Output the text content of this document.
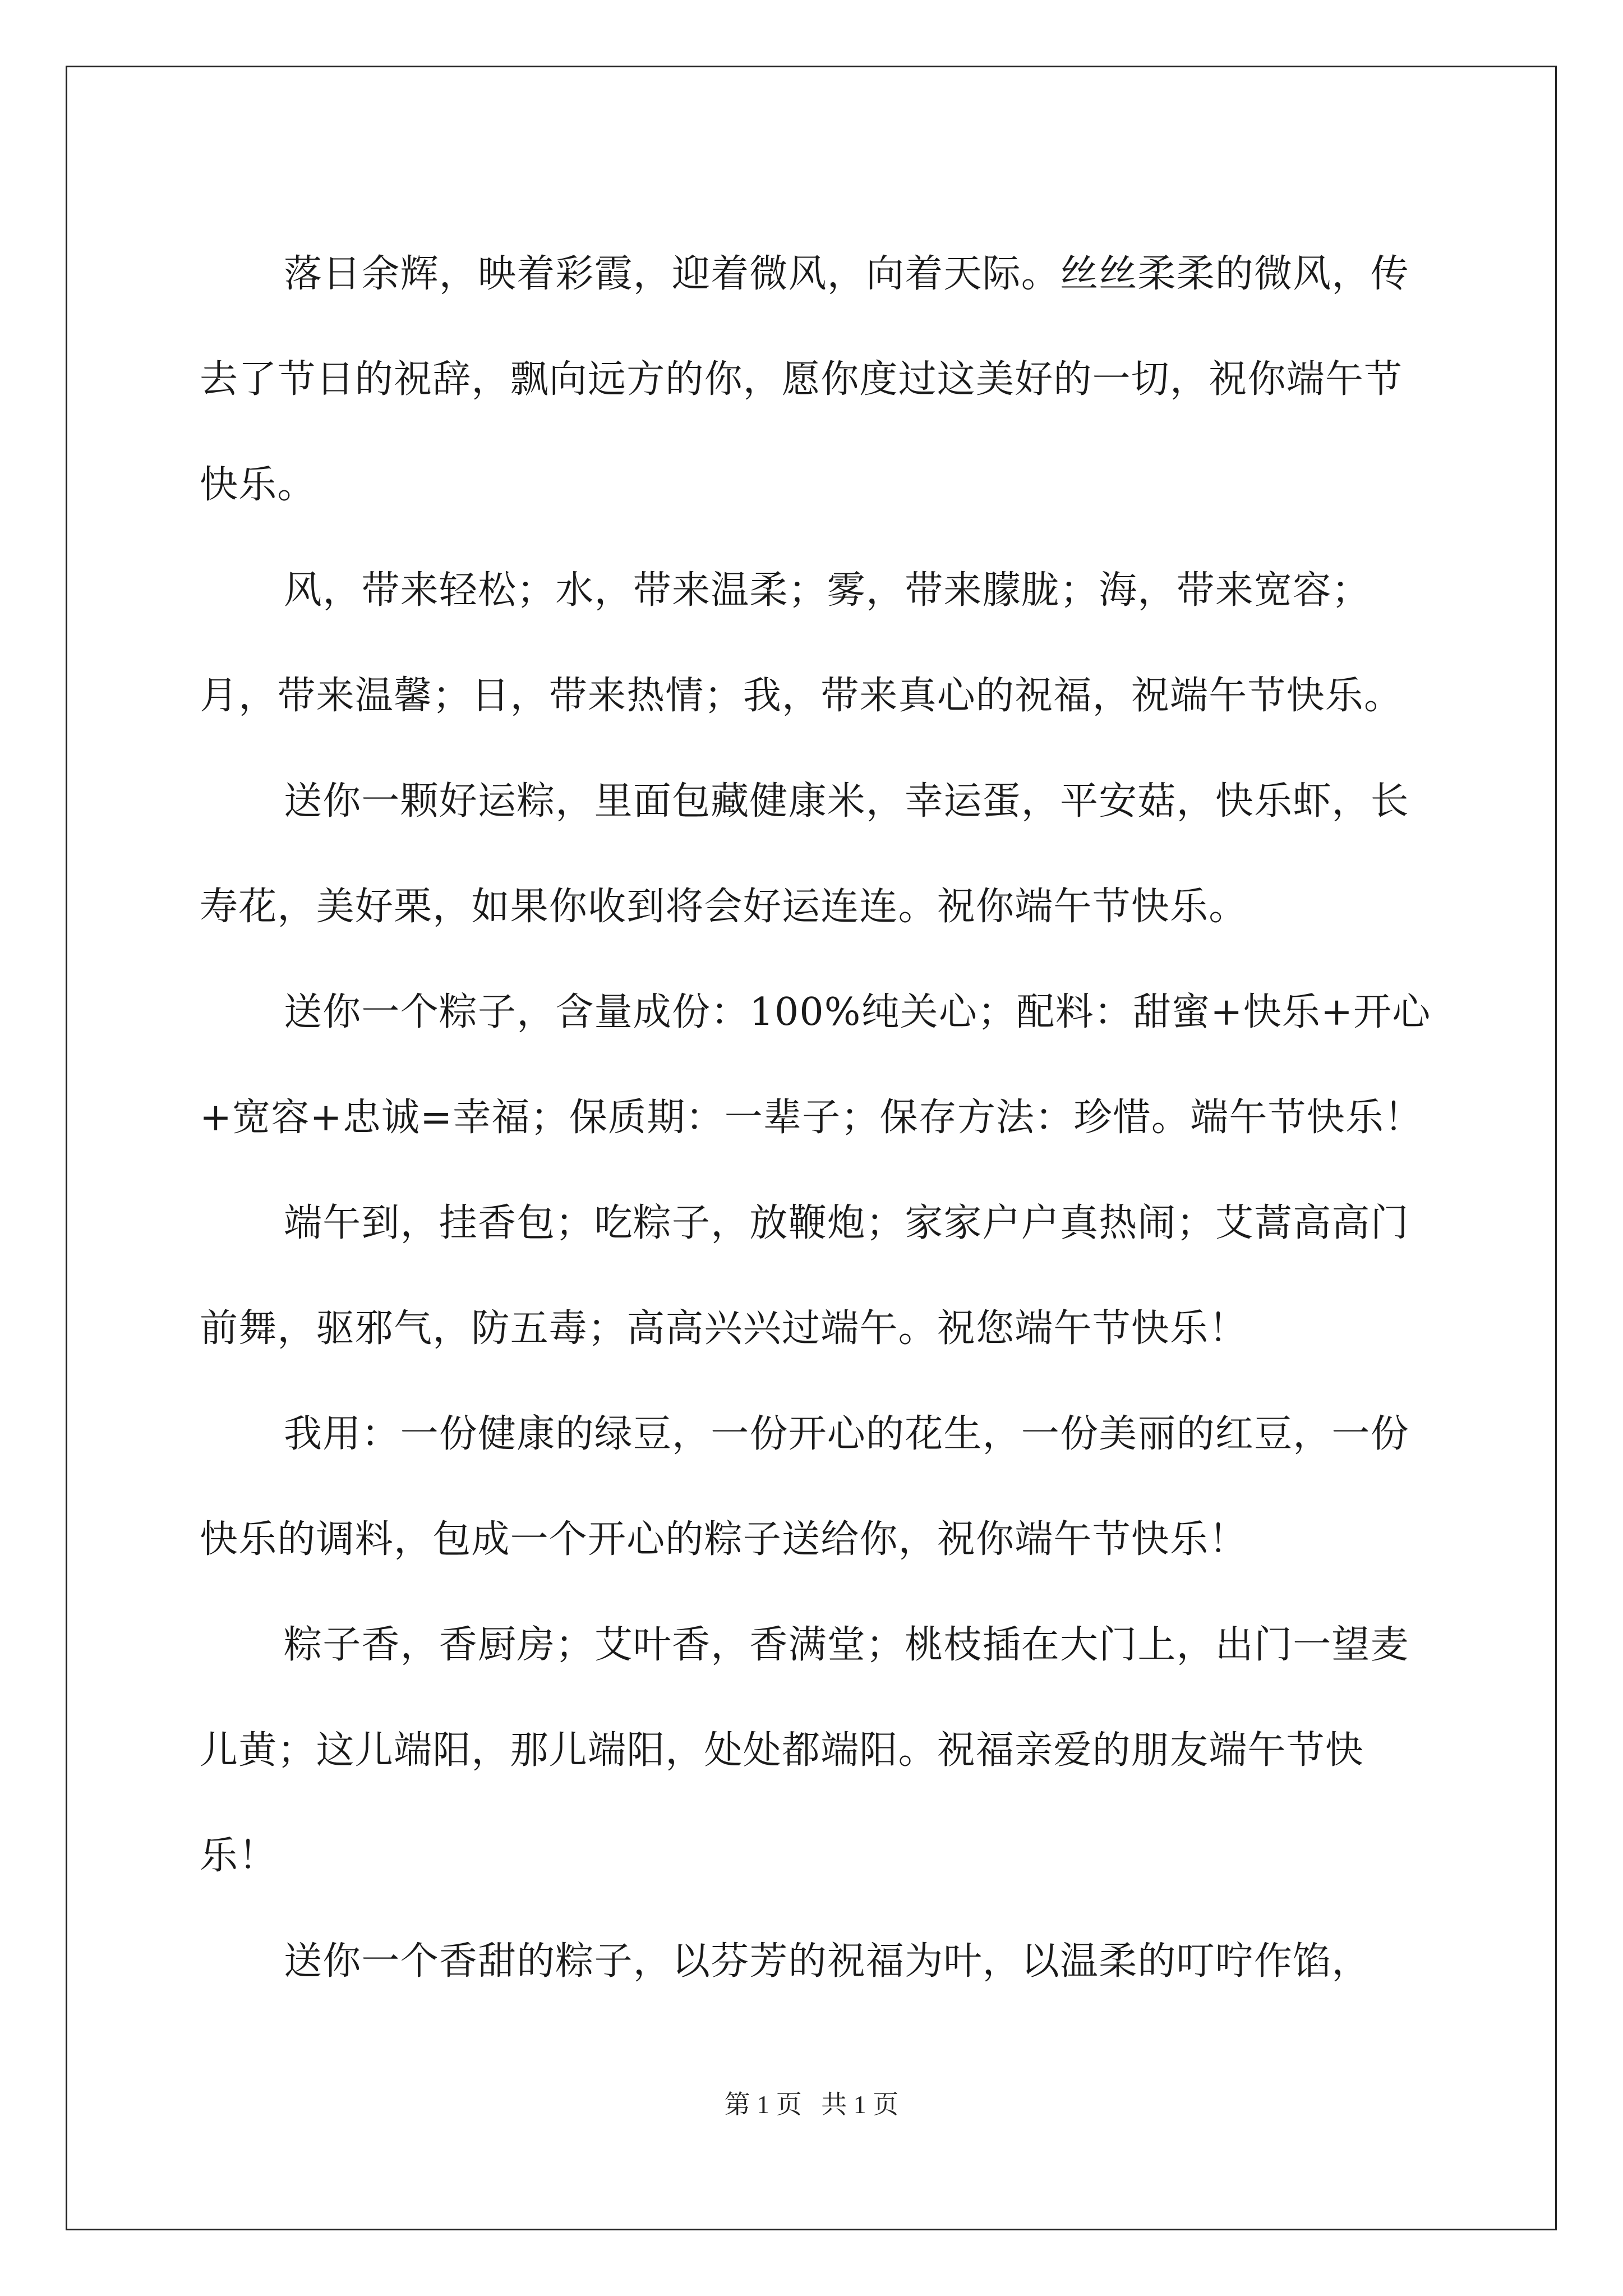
落日余辉，映着彩霞，迎着微风，向着天际。丝丝柔柔的微风，传去了节日的祝辞，飘向远方的你，愿你度过这美好的一切，祝你端午节快乐。

风，带来轻松；水，带来温柔；雾，带来朦胧；海，带来宽容；月，带来温馨；日，带来热情；我，带来真心的祝福，祝端午节快乐。

送你一颗好运粽，里面包藏健康米，幸运蛋，平安菇，快乐虾，长寿花，美好栗，如果你收到将会好运连连。祝你端午节快乐。

送你一个粽子，含量成份：100%纯关心；配料：甜蜜+快乐+开心+宽容+忠诚=幸福；保质期：一辈子；保存方法：珍惜。端午节快乐！

端午到，挂香包；吃粽子，放鞭炮；家家户户真热闹；艾蒿高高门前舞，驱邪气，防五毒；高高兴兴过端午。祝您端午节快乐！

我用：一份健康的绿豆，一份开心的花生，一份美丽的红豆，一份快乐的调料，包成一个开心的粽子送给你，祝你端午节快乐！

粽子香，香厨房；艾叶香，香满堂；桃枝插在大门上，出门一望麦儿黄；这儿端阳，那儿端阳，处处都端阳。祝福亲爱的朋友端午节快乐！

送你一个香甜的粽子，以芬芳的祝福为叶，以温柔的叮咛作馅，

第 1 页   共 1 页
